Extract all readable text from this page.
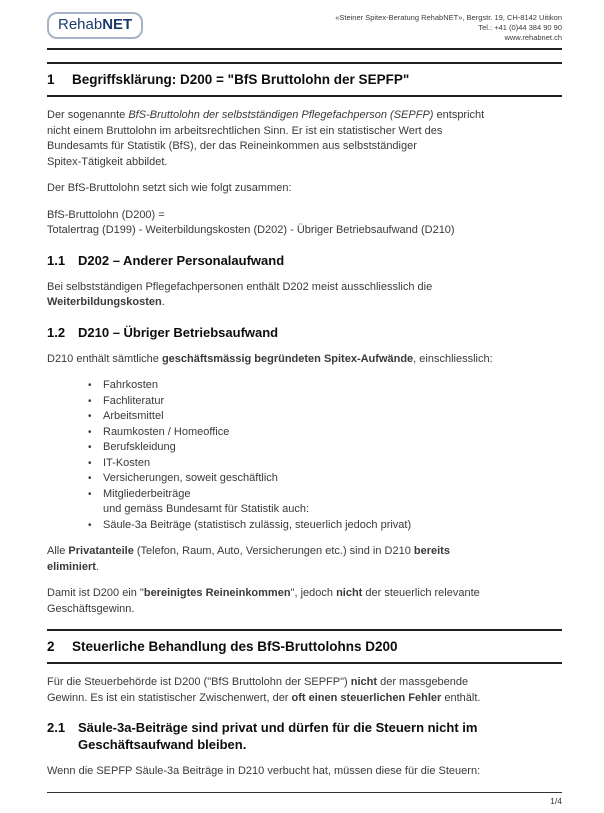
RehabNET	«Steiner Spitex-Beratung RehabNET», Bergstr. 19, CH-8142 Uitikon
Tel.: +41 (0)44 384 90 90
www.rehabnet.ch
1	Begriffsklärung: D200 = "BfS Bruttolohn der SEPFP"
Der sogenannte BfS-Bruttolohn der selbstständigen Pflegefachperson (SEPFP) entspricht
nicht einem Bruttolohn im arbeitsrechtlichen Sinn. Er ist ein statistischer Wert des
Bundesamts für Statistik (BfS), der das Reineinkommen aus selbstständiger
Spitex-Tätigkeit abbildet.
Der BfS-Bruttolohn setzt sich wie folgt zusammen:
BfS-Bruttolohn (D200) =
Totalertrag (D199) - Weiterbildungskosten (D202) - Übriger Betriebsaufwand (D210)
1.1 D202 – Anderer Personalaufwand
Bei selbstständigen Pflegefachpersonen enthält D202 meist ausschliesslich die
Weiterbildungskosten.
1.2 D210 – Übriger Betriebsaufwand
D210 enthält sämtliche geschäftsmässig begründeten Spitex-Aufwände, einschliesslich:
•	Fahrkosten
•	Fachliteratur
•	Arbeitsmittel
•	Raumkosten / Homeoffice
•	Berufskleidung
•	IT-Kosten
•	Versicherungen, soweit geschäftlich
•	Mitgliederbeiträge
und gemäss Bundesamt für Statistik auch:
•	Säule-3a Beiträge (statistisch zulässig, steuerlich jedoch privat)
Alle Privatanteile (Telefon, Raum, Auto, Versicherungen etc.) sind in D210 bereits
eliminiert.
Damit ist D200 ein "bereinigtes Reineinkommen", jedoch nicht der steuerlich relevante
Geschäftsgewinn.
2	Steuerliche Behandlung des BfS-Bruttolohns D200
Für die Steuerbehörde ist D200 ("BfS Bruttolohn der SEPFP") nicht der massgebende
Gewinn. Es ist ein statistischer Zwischenwert, der oft einen steuerlichen Fehler enthält.
2.1 Säule-3a-Beiträge sind privat und dürfen für die Steuern nicht im
Geschäftsaufwand bleiben.
Wenn die SEPFP Säule-3a Beiträge in D210 verbucht hat, müssen diese für die Steuern:
1/4
